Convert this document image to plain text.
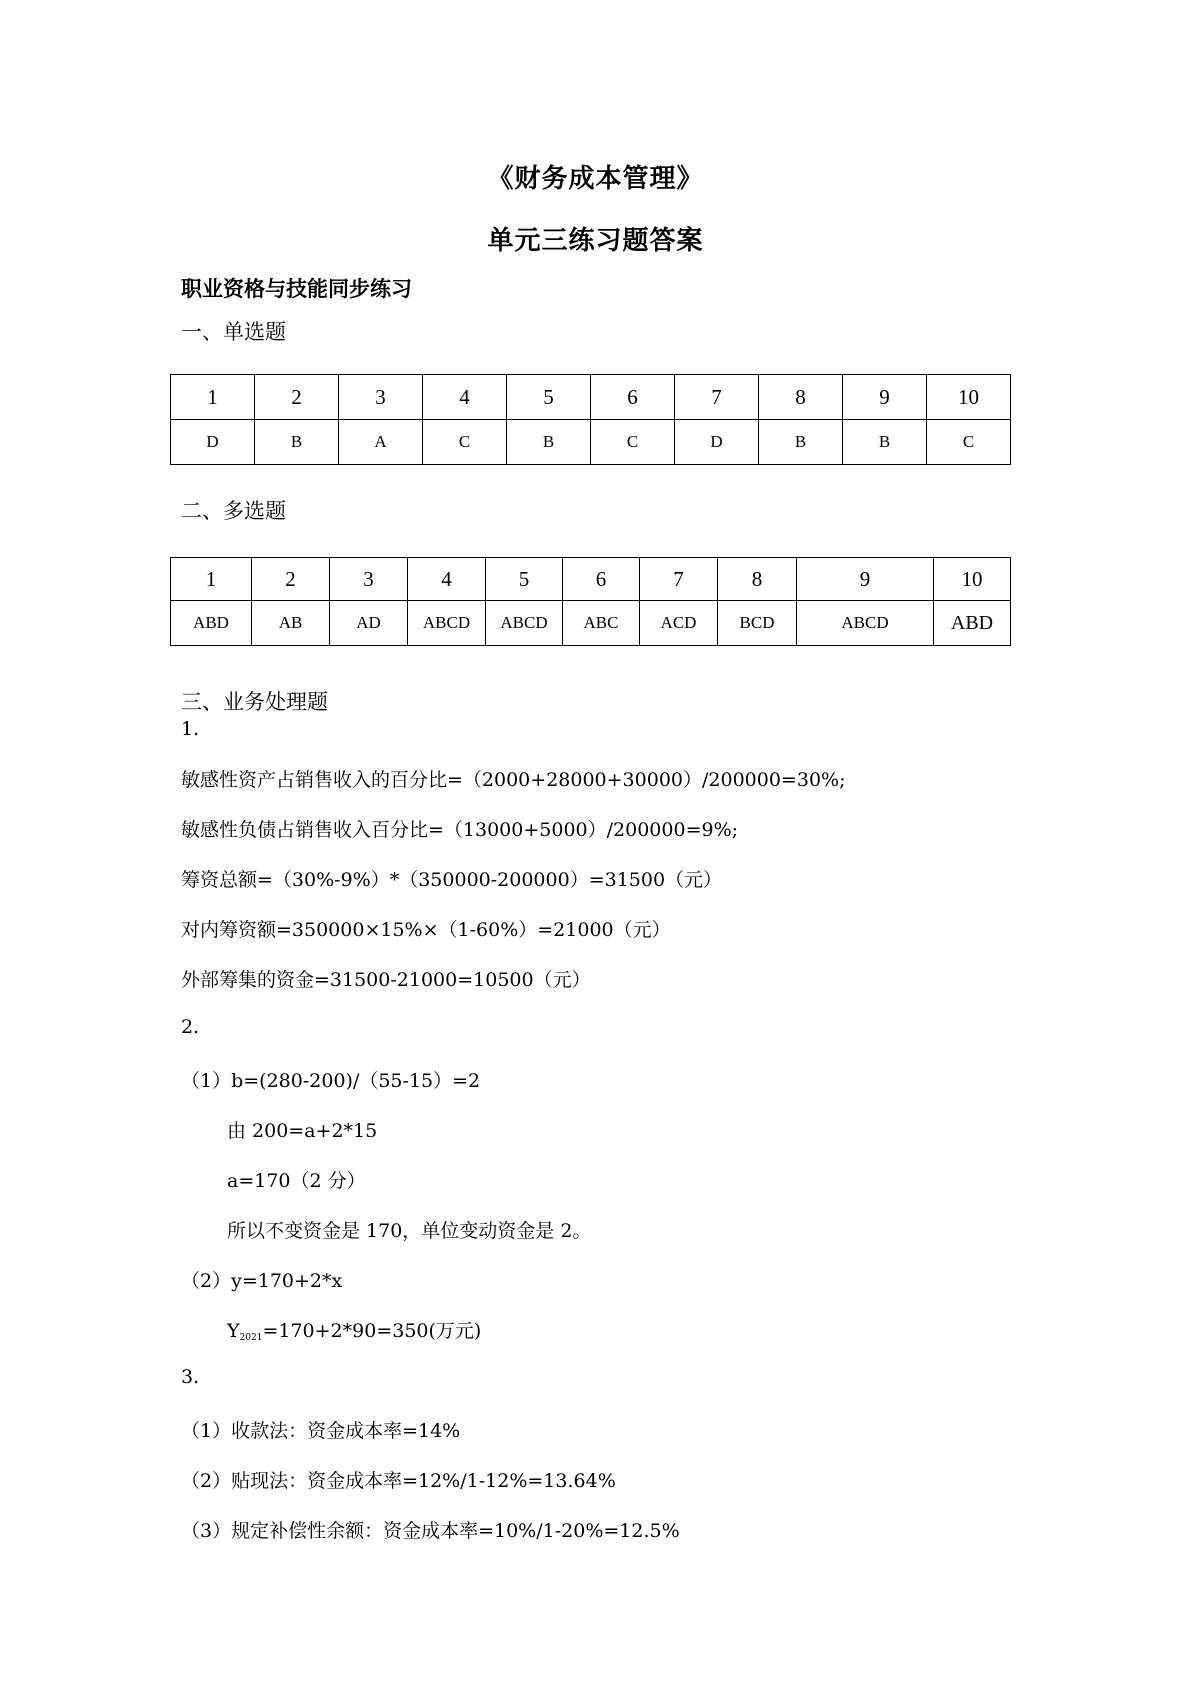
《财务成本管理》
单元三练习题答案
职业资格与技能同步练习
一、单选题
1	2	3	4	5	6	7	8	9	10
D	B	A	C	B	C	D	B	B	C
二、多选题
1	2	3	4	5	6	7	8	9	10
ABD	AB	AD	ABCD	ABCD	ABC	ACD	BCD	ABCD	ABD
三、业务处理题
1.
敏感性资产占销售收入的百分比=（2000+28000+30000）/200000=30%;
敏感性负债占销售收入百分比=（13000+5000）/200000=9%;
筹资总额=（30%-9%）*（350000-200000）=31500（元）
对内筹资额=350000×15%×（1-60%）=21000（元）
外部筹集的资金=31500-21000=10500（元）
2.
（1）b=(280-200)/（55-15）=2
由 200=a+2*15
a=170（2 分）
所以不变资金是 170，单位变动资金是 2。
（2）y=170+2*x
$Y_{2021}=170+2*90=350$(万元)
3.
（1）收款法：资金成本率=14%
（2）贴现法：资金成本率=12%/1-12%=13.64%
（3）规定补偿性余额：资金成本率=10%/1-20%=12.5%
